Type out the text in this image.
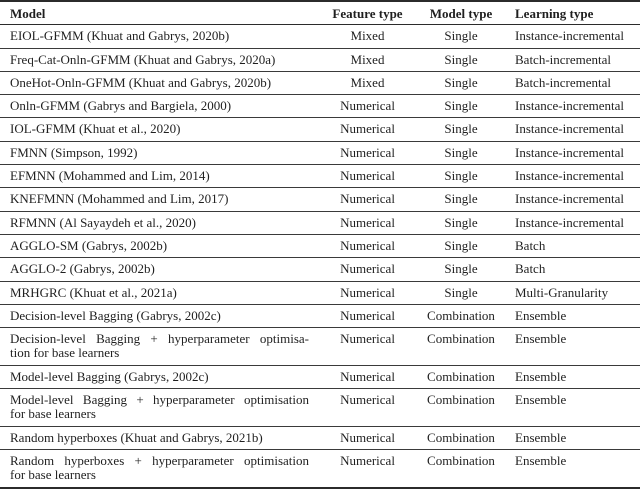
Model	Feature type	Model type	Learning type

EIOL-GFMM (Khuat and Gabrys, 2020b)	Mixed	Single	Instance-incremental

Freq-Cat-Onln-GFMM (Khuat and Gabrys, 2020a)	Mixed	Single	Batch-incremental

OneHot-Onln-GFMM (Khuat and Gabrys, 2020b)	Mixed	Single	Batch-incremental

Onln-GFMM (Gabrys and Bargiela, 2000)	Numerical	Single	Instance-incremental

IOL-GFMM (Khuat et al., 2020)	Numerical	Single	Instance-incremental

FMNN (Simpson, 1992)	Numerical	Single	Instance-incremental

EFMNN (Mohammed and Lim, 2014)	Numerical	Single	Instance-incremental

KNEFMNN (Mohammed and Lim, 2017)	Numerical	Single	Instance-incremental

RFMNN (Al Sayaydeh et al., 2020)	Numerical	Single	Instance-incremental

AGGLO-SM (Gabrys, 2002b)	Numerical	Single	Batch

AGGLO-2 (Gabrys, 2002b)	Numerical	Single	Batch

MRHGRC (Khuat et al., 2021a)	Numerical	Single	Multi-Granularity

Decision-level Bagging (Gabrys, 2002c)	Numerical	Combination	Ensemble

Decision-level Bagging + hyperparameter optimisa-
tion for base learners	Numerical	Combination	Ensemble

Model-level Bagging (Gabrys, 2002c)	Numerical	Combination	Ensemble

Model-level Bagging + hyperparameter optimisation
for base learners	Numerical	Combination	Ensemble

Random hyperboxes (Khuat and Gabrys, 2021b)	Numerical	Combination	Ensemble

Random hyperboxes + hyperparameter optimisation
for base learners	Numerical	Combination	Ensemble
